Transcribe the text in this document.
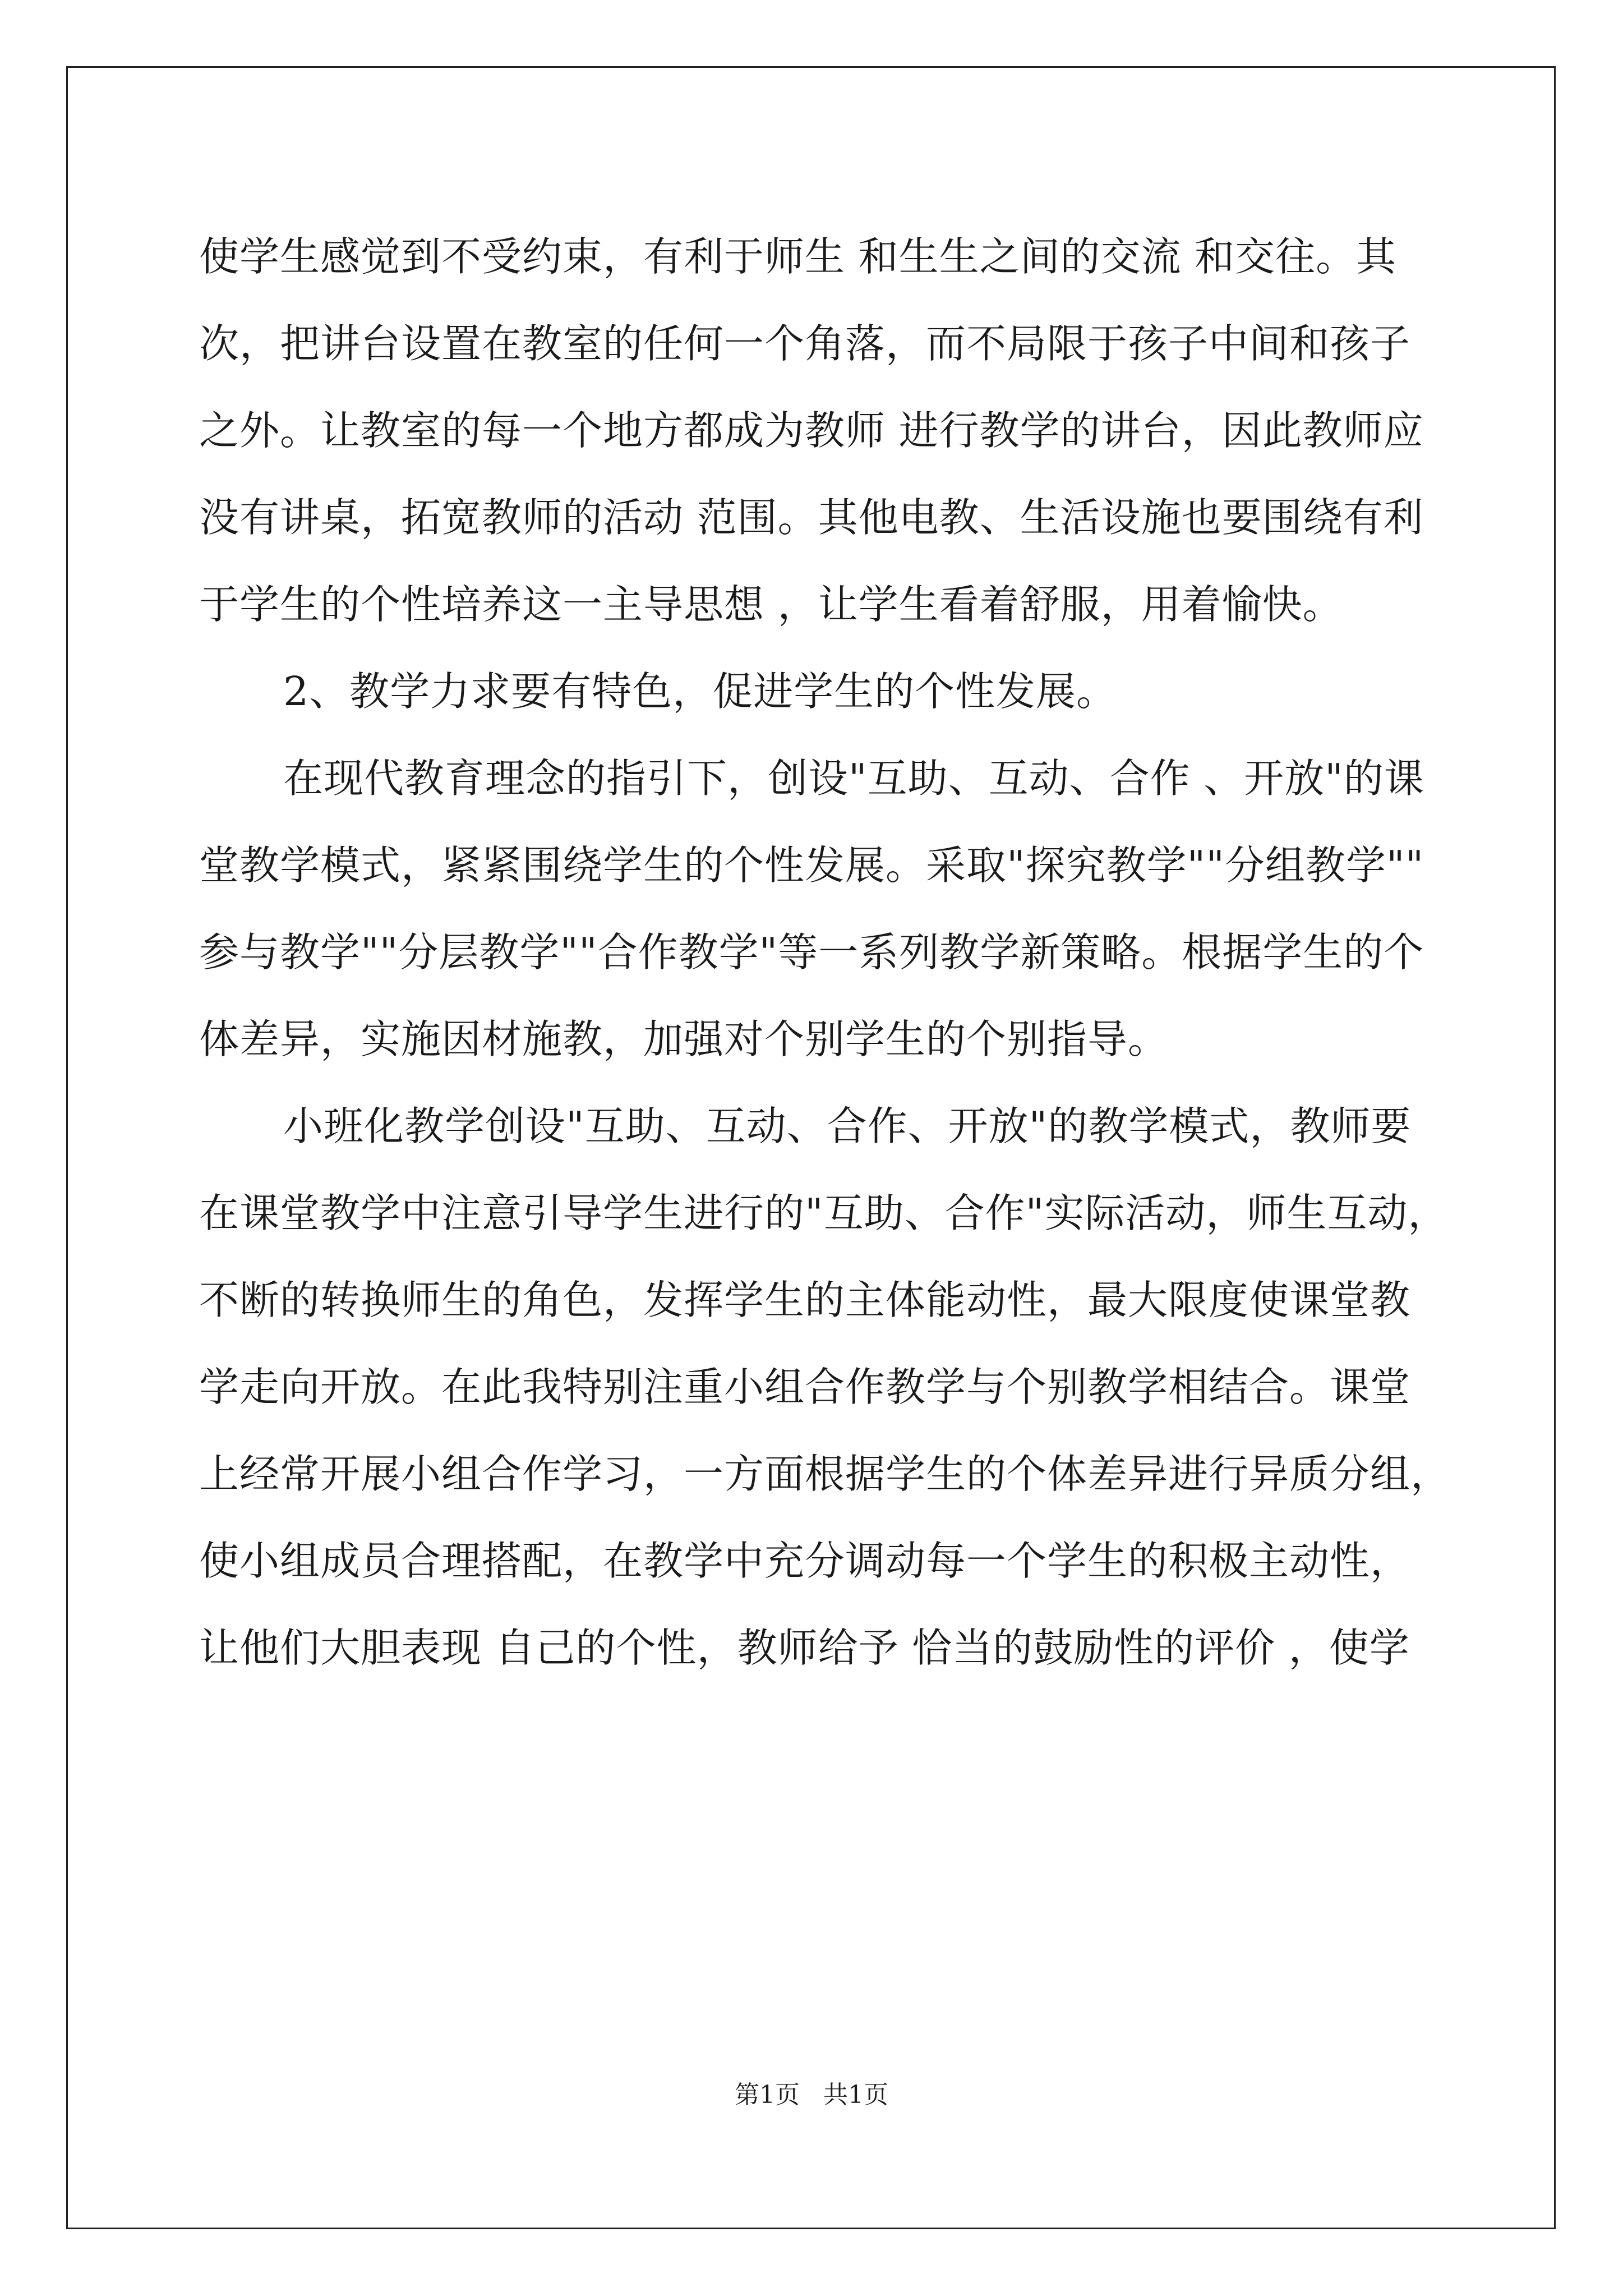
使学生感觉到不受约束，有利于师生 和生生之间的交流 和交往。其
次，把讲台设置在教室的任何一个角落，而不局限于孩子中间和孩子
之外。让教室的每一个地方都成为教师 进行教学的讲台，因此教师应
没有讲桌，拓宽教师的活动 范围。其他电教、生活设施也要围绕有利
于学生的个性培养这一主导思想 ，让学生看着舒服，用着愉快。
2、教学力求要有特色，促进学生的个性发展。
在现代教育理念的指引下，创设"互助、互动、合作 、开放"的课
堂教学模式，紧紧围绕学生的个性发展。采取"探究教学""分组教学""
参与教学""分层教学""合作教学"等一系列教学新策略。根据学生的个
体差异，实施因材施教，加强对个别学生的个别指导。
小班化教学创设"互助、互动、合作、开放"的教学模式，教师要
在课堂教学中注意引导学生进行的"互助、合作"实际活动，师生互动，
不断的转换师生的角色，发挥学生的主体能动性，最大限度使课堂教
学走向开放。在此我特别注重小组合作教学与个别教学相结合。课堂
上经常开展小组合作学习，一方面根据学生的个体差异进行异质分组，
使小组成员合理搭配，在教学中充分调动每一个学生的积极主动性，
让他们大胆表现 自己的个性，教师给予 恰当的鼓励性的评价 ，使学
第1页   共1页
